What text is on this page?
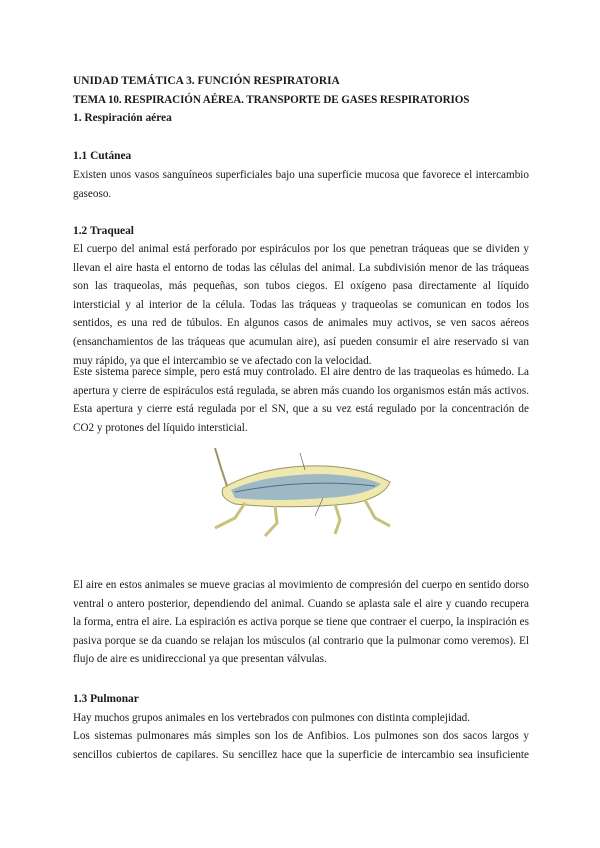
UNIDAD TEMÁTICA 3. FUNCIÓN RESPIRATORIA
TEMA 10. RESPIRACIÓN AÉREA. TRANSPORTE DE GASES RESPIRATORIOS
1. Respiración aérea
1.1 Cutánea
Existen unos vasos sanguíneos superficiales bajo una superficie mucosa que favorece el intercambio gaseoso.
1.2 Traqueal
El cuerpo del animal está perforado por espiráculos por los que penetran tráqueas que se dividen y llevan el aire hasta el entorno de todas las células del animal. La subdivisión menor de las tráqueas son las traqueolas, más pequeñas, son tubos ciegos. El oxígeno pasa directamente al líquido intersticial y al interior de la célula. Todas las tráqueas y traqueolas se comunican en todos los sentidos, es una red de túbulos. En algunos casos de animales muy activos, se ven sacos aéreos (ensanchamientos de las tráqueas que acumulan aire), así pueden consumir el aire reservado si van muy rápido, ya que el intercambio se ve afectado con la velocidad.
Este sistema parece simple, pero está muy controlado. El aire dentro de las traqueolas es húmedo. La apertura y cierre de espiráculos está regulada, se abren más cuando los organismos están más activos. Esta apertura y cierre está regulada por el SN, que a su vez está regulado por la concentración de CO2 y protones del líquido intersticial.
El aire en estos animales se mueve gracias al movimiento de compresión del cuerpo en sentido dorso ventral o antero posterior, dependiendo del animal. Cuando se aplasta sale el aire y cuando recupera la forma, entra el aire. La espiración es activa porque se tiene que contraer el cuerpo, la inspiración es pasiva porque se da cuando se relajan los músculos (al contrario que la pulmonar como veremos). El flujo de aire es unidireccional ya que presentan válvulas.
1.3 Pulmonar
Hay muchos grupos animales en los vertebrados con pulmones con distinta complejidad.
Los sistemas pulmonares más simples son los de Anfibios. Los pulmones son dos sacos largos y sencillos cubiertos de capilares. Su sencillez hace que la superficie de intercambio sea insuficiente
